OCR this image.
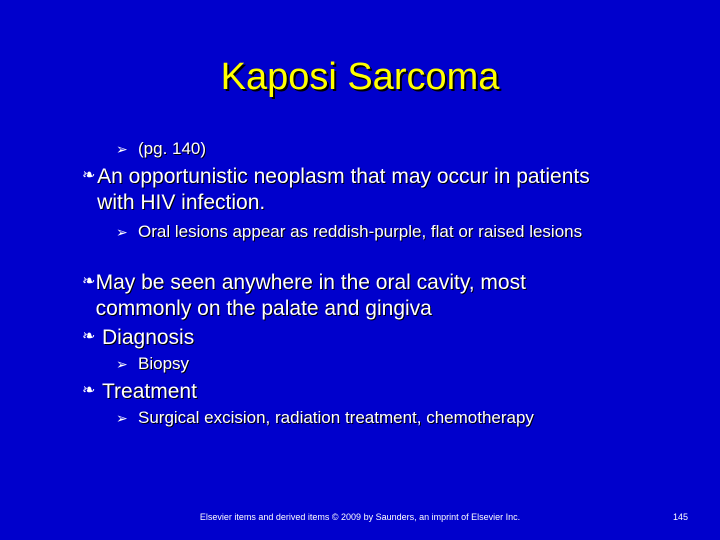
Kaposi Sarcoma
➢ (pg. 140)
❧ An opportunistic neoplasm that may occur in patients with HIV infection.
➢ Oral lesions appear as reddish-purple, flat or raised lesions
❧ May be seen anywhere in the oral cavity, most commonly on the palate and gingiva
❧ Diagnosis
➢ Biopsy
❧ Treatment
➢ Surgical excision, radiation treatment, chemotherapy
Elsevier items and derived items © 2009 by Saunders, an imprint of Elsevier Inc.	145
